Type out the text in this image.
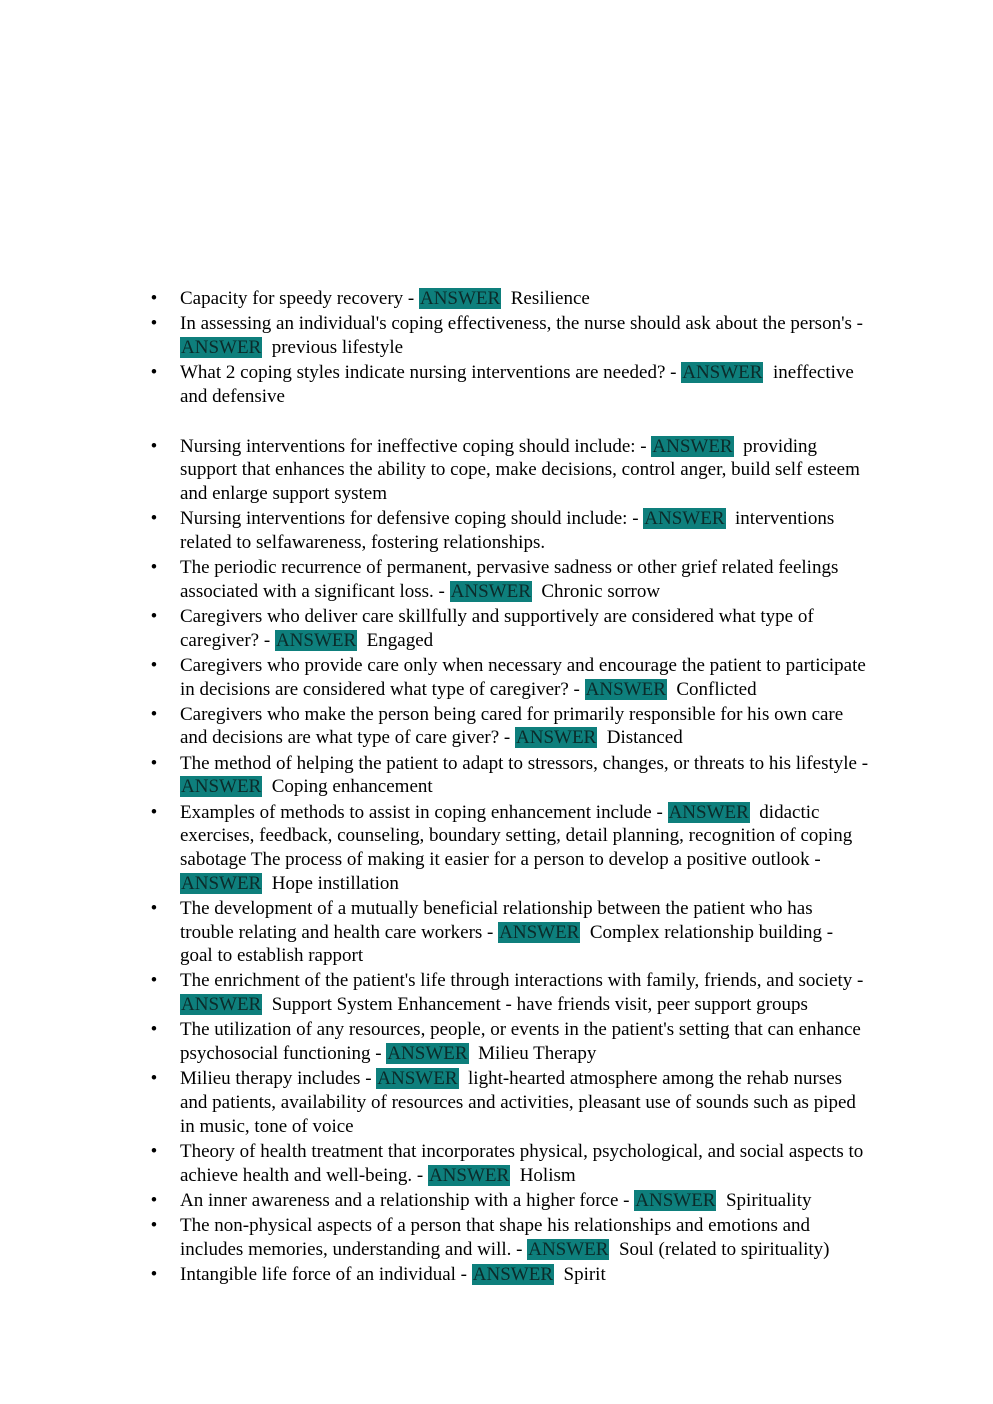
• Capacity for speedy recovery - ANSWER Resilience
• In assessing an individual's coping effectiveness, the nurse should ask about the person's - ANSWER previous lifestyle
• What 2 coping styles indicate nursing interventions are needed? - ANSWER ineffective and defensive
• Nursing interventions for ineffective coping should include: - ANSWER providing support that enhances the ability to cope, make decisions, control anger, build self esteem and enlarge support system
• Nursing interventions for defensive coping should include: - ANSWER interventions related to selfawareness, fostering relationships.
• The periodic recurrence of permanent, pervasive sadness or other grief related feelings associated with a significant loss. - ANSWER Chronic sorrow
• Caregivers who deliver care skillfully and supportively are considered what type of caregiver? - ANSWER Engaged
• Caregivers who provide care only when necessary and encourage the patient to participate in decisions are considered what type of caregiver? - ANSWER Conflicted
• Caregivers who make the person being cared for primarily responsible for his own care and decisions are what type of care giver? - ANSWER Distanced
• The method of helping the patient to adapt to stressors, changes, or threats to his lifestyle - ANSWER Coping enhancement
• Examples of methods to assist in coping enhancement include - ANSWER didactic exercises, feedback, counseling, boundary setting, detail planning, recognition of coping sabotage The process of making it easier for a person to develop a positive outlook - ANSWER Hope instillation
• The development of a mutually beneficial relationship between the patient who has trouble relating and health care workers - ANSWER Complex relationship building - goal to establish rapport
• The enrichment of the patient's life through interactions with family, friends, and society - ANSWER Support System Enhancement - have friends visit, peer support groups
• The utilization of any resources, people, or events in the patient's setting that can enhance psychosocial functioning - ANSWER Milieu Therapy
• Milieu therapy includes - ANSWER light-hearted atmosphere among the rehab nurses and patients, availability of resources and activities, pleasant use of sounds such as piped in music, tone of voice
• Theory of health treatment that incorporates physical, psychological, and social aspects to achieve health and well-being. - ANSWER Holism
• An inner awareness and a relationship with a higher force - ANSWER Spirituality
• The non-physical aspects of a person that shape his relationships and emotions and includes memories, understanding and will. - ANSWER Soul (related to spirituality)
• Intangible life force of an individual - ANSWER Spirit
